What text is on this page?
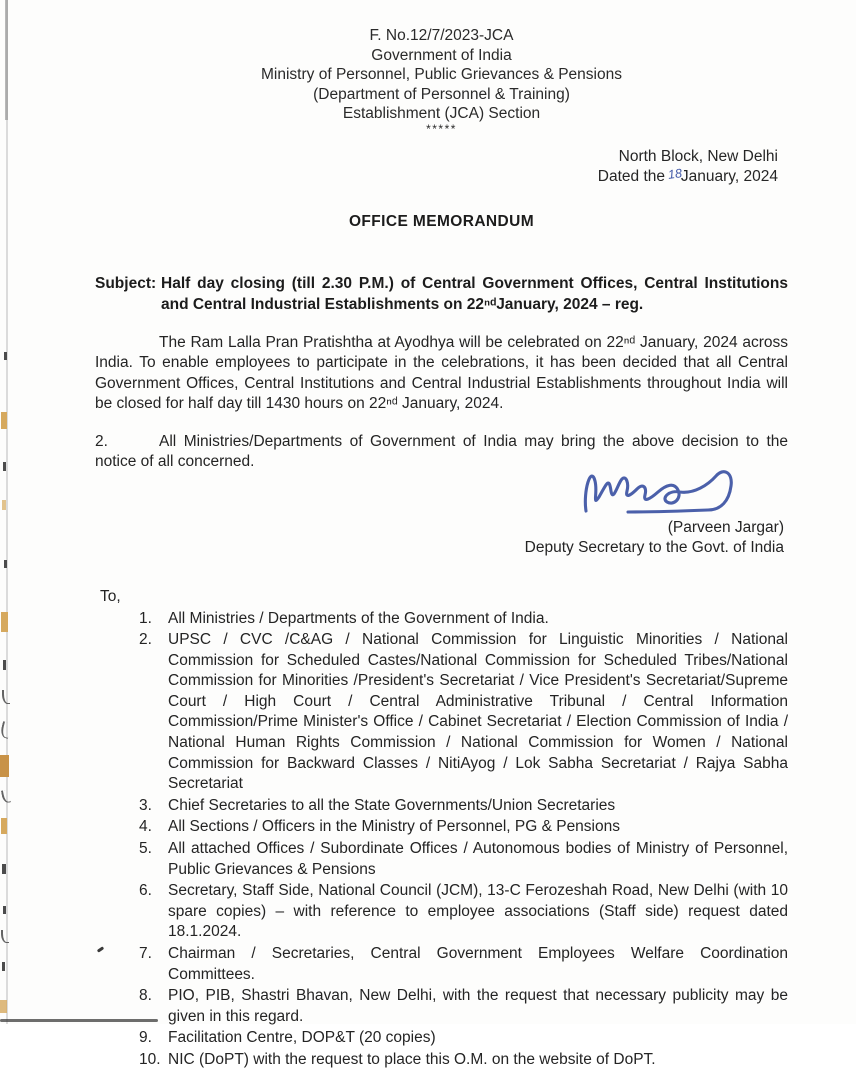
F. No.12/7/2023-JCA
Government of India
Ministry of Personnel, Public Grievances & Pensions
(Department of Personnel & Training)
Establishment (JCA) Section
*****
North Block, New Delhi
Dated the 18January, 2024
OFFICE MEMORANDUM
Subject: Half day closing (till 2.30 P.M.) of Central Government Offices, Central Institutions and Central Industrial Establishments on 22ⁿᵈJanuary, 2024 – reg.

The Ram Lalla Pran Pratishtha at Ayodhya will be celebrated on 22ⁿᵈ January, 2024 across India. To enable employees to participate in the celebrations, it has been decided that all Central Government Offices, Central Institutions and Central Industrial Establishments throughout India will be closed for half day till 1430 hours on 22ⁿᵈ January, 2024.

2.	All Ministries/Departments of Government of India may bring the above decision to the notice of all concerned.

(Parveen Jargar)
Deputy Secretary to the Govt. of India
To,
1.	All Ministries / Departments of the Government of India.
2.	UPSC / CVC /C&AG / National Commission for Linguistic Minorities / National Commission for Scheduled Castes/National Commission for Scheduled Tribes/National Commission for Minorities /President's Secretariat / Vice President's Secretariat/Supreme Court / High Court / Central Administrative Tribunal / Central Information Commission/Prime Minister's Office / Cabinet Secretariat / Election Commission of India / National Human Rights Commission / National Commission for Women / National Commission for Backward Classes / NitiAyog / Lok Sabha Secretariat / Rajya Sabha Secretariat
3.	Chief Secretaries to all the State Governments/Union Secretaries
4.	All Sections / Officers in the Ministry of Personnel, PG & Pensions
5.	All attached Offices / Subordinate Offices / Autonomous bodies of Ministry of Personnel, Public Grievances & Pensions
6.	Secretary, Staff Side, National Council (JCM), 13-C Ferozeshah Road, New Delhi (with 10 spare copies) – with reference to employee associations (Staff side) request dated 18.1.2024.
7.	Chairman / Secretaries, Central Government Employees Welfare Coordination Committees.
8.	PIO, PIB, Shastri Bhavan, New Delhi, with the request that necessary publicity may be given in this regard.
9.	Facilitation Centre, DOP&T (20 copies)
10. NIC (DoPT) with the request to place this O.M. on the website of DoPT.
